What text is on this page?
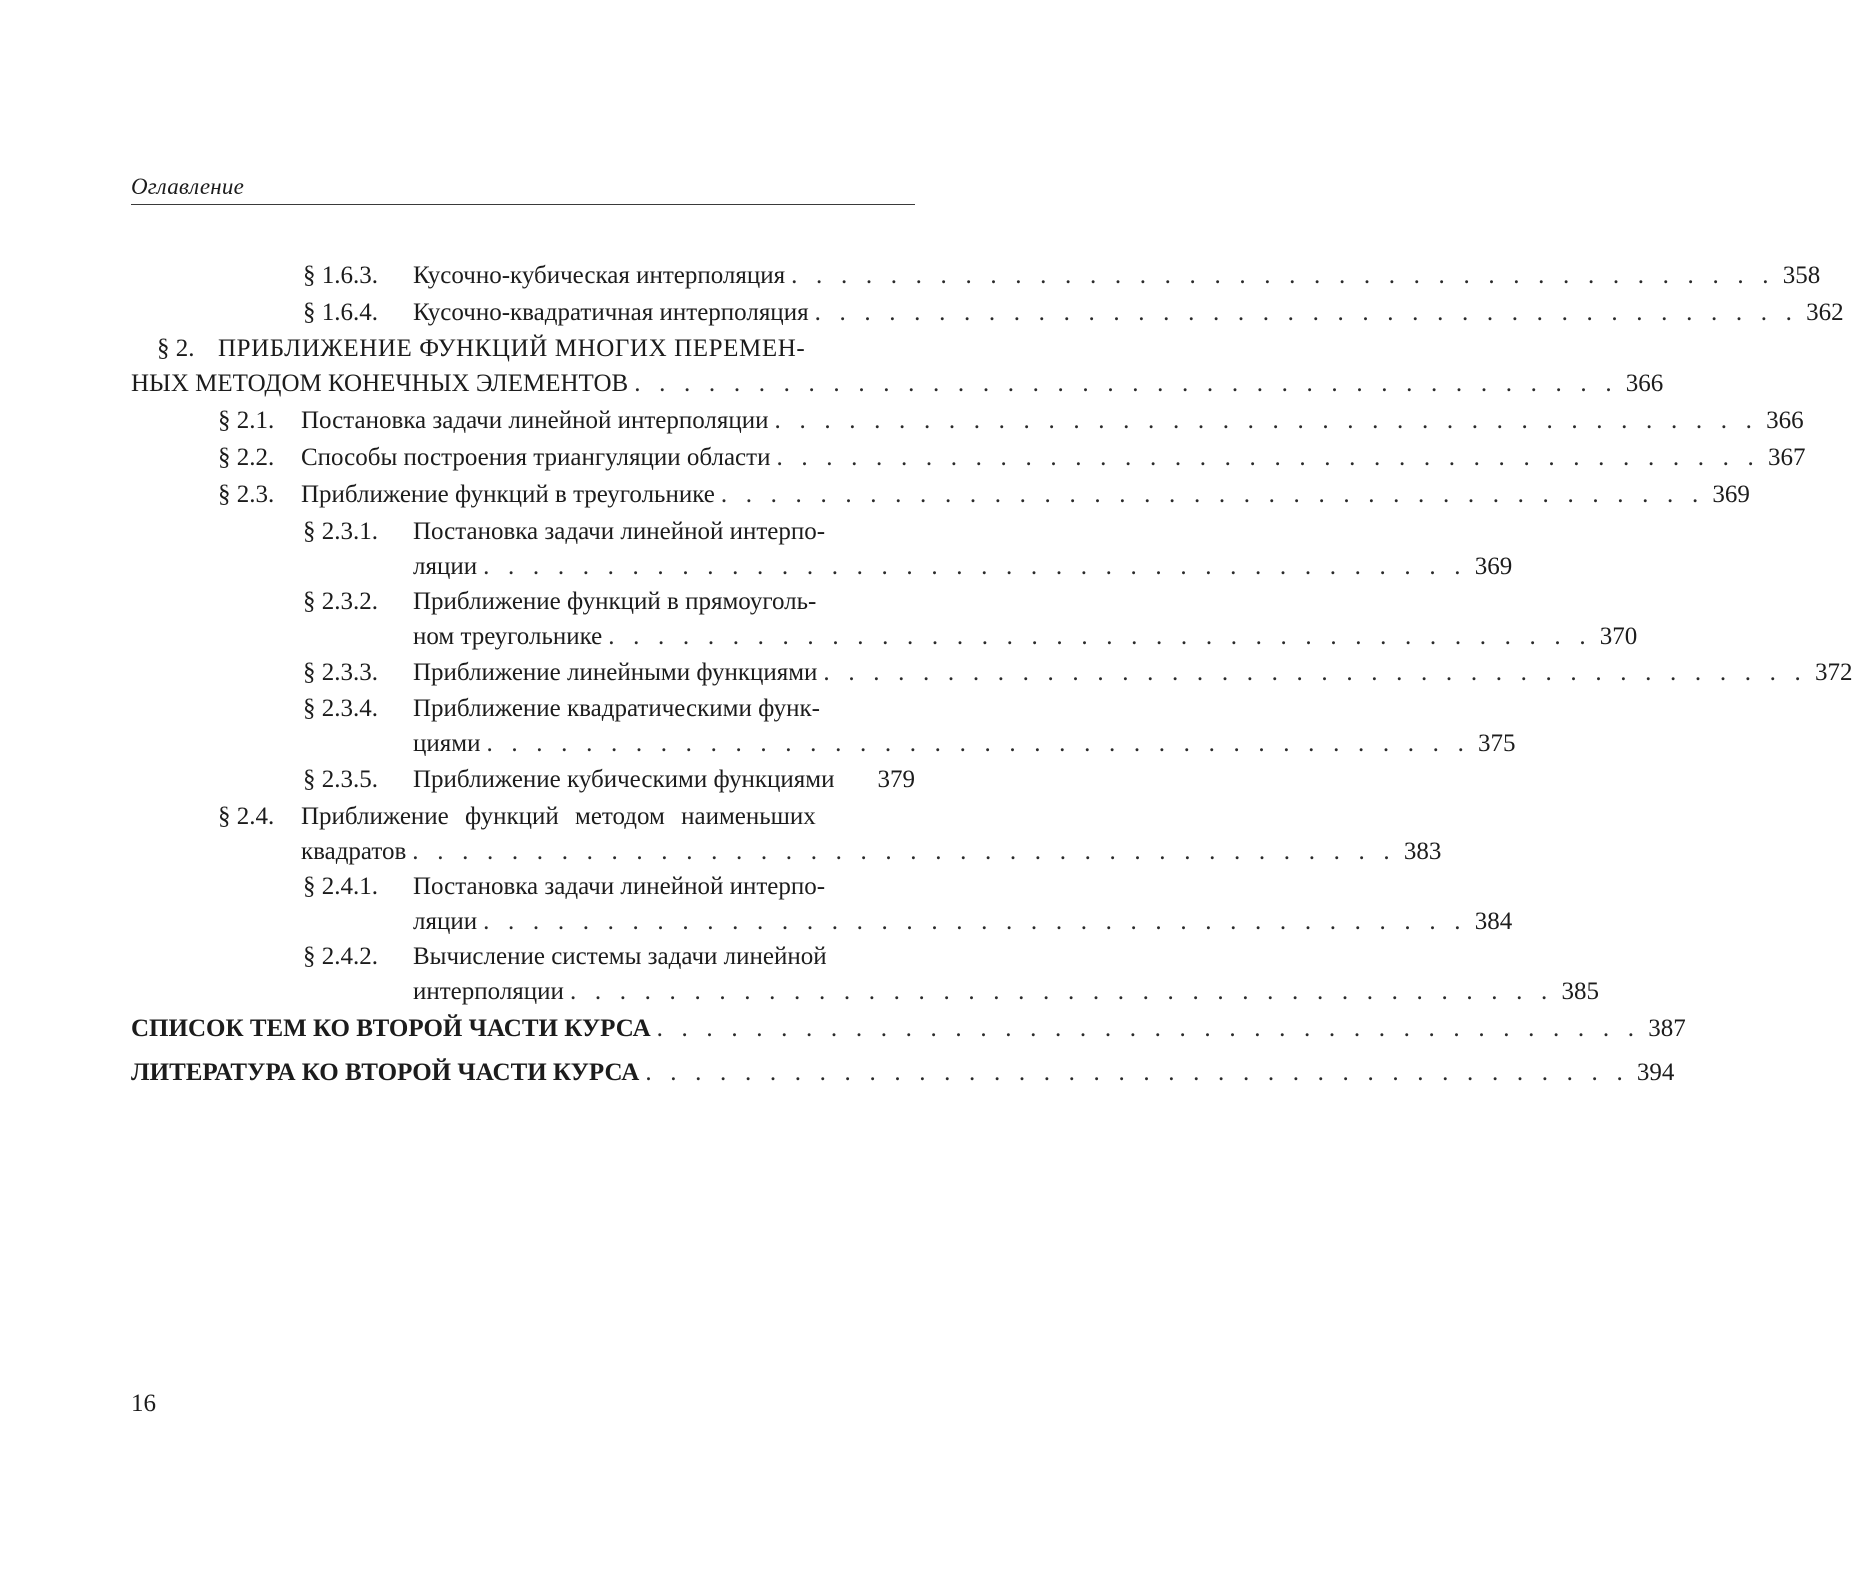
Оглавление
§ 1.6.3. Кусочно-кубическая интерполяция . . . . . . . . . . . . . . . . . . . . . . . . . . . . . . . . . . . . . . . . 358
§ 1.6.4. Кусочно-квадратичная интерполяция . . . . . . . . . . . . . . . . . . . . . . . . . . . . . . . . . . . . . . . . 362
§ 2. ПРИБЛИЖЕНИЕ ФУНКЦИЙ МНОГИХ ПЕРЕМЕН-
НЫХ МЕТОДОМ КОНЕЧНЫХ ЭЛЕМЕНТОВ . . . . . . . . . . . . . . . . . . . . . . . . . . . . . . . . . . . . . . . . 366
§ 2.1. Постановка задачи линейной интерполяции . . . . . . . . . . . . . . . . . . . . . . . . . . . . . . . . . . . . . . . . 366
§ 2.2. Способы построения триангуляции области . . . . . . . . . . . . . . . . . . . . . . . . . . . . . . . . . . . . . . . . 367
§ 2.3. Приближение функций в треугольнике . . . . . . . . . . . . . . . . . . . . . . . . . . . . . . . . . . . . . . . . 369
§ 2.3.1. Постановка задачи линейной интерпо-
ляции . . . . . . . . . . . . . . . . . . . . . . . . . . . . . . . . . . . . . . . . 369
§ 2.3.2. Приближение функций в прямоуголь-
ном треугольнике . . . . . . . . . . . . . . . . . . . . . . . . . . . . . . . . . . . . . . . . 370
§ 2.3.3. Приближение линейными функциями . . . . . . . . . . . . . . . . . . . . . . . . . . . . . . . . . . . . . . . . 372
§ 2.3.4. Приближение квадратическими функ-
циями . . . . . . . . . . . . . . . . . . . . . . . . . . . . . . . . . . . . . . . . 375
§ 2.3.5. Приближение кубическими функциями	379
§ 2.4. Приближение функций методом наименьших
квадратов . . . . . . . . . . . . . . . . . . . . . . . . . . . . . . . . . . . . . . . . 383
§ 2.4.1. Постановка задачи линейной интерпо-
ляции . . . . . . . . . . . . . . . . . . . . . . . . . . . . . . . . . . . . . . . . 384
§ 2.4.2. Вычисление системы задачи линейной
интерполяции . . . . . . . . . . . . . . . . . . . . . . . . . . . . . . . . . . . . . . . . 385
СПИСОК ТЕМ КО ВТОРОЙ ЧАСТИ КУРСА . . . . . . . . . . . . . . . . . . . . . . . . . . . . . . . . . . . . . . . . 387
ЛИТЕРАТУРА КО ВТОРОЙ ЧАСТИ КУРСА . . . . . . . . . . . . . . . . . . . . . . . . . . . . . . . . . . . . . . . . 394
16
